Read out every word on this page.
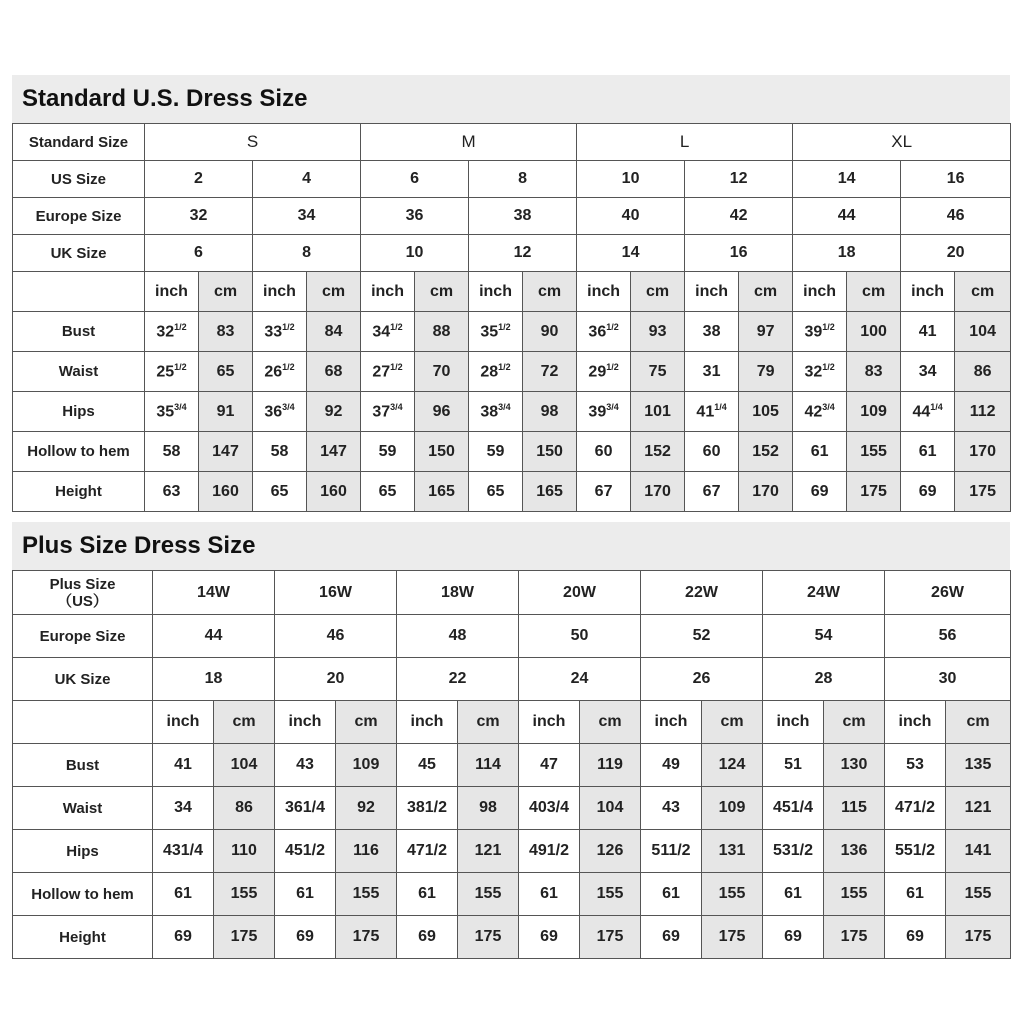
Standard U.S. Dress Size
Standard Size	S				M				L				XL			
US Size	2		4		6		8		10		12		14		16	
Europe Size	32		34		36		38		40		42		44		46	
UK Size	6		8		10		12		14		16		18		20	
	inch	cm	inch	cm	inch	cm	inch	cm	inch	cm	inch	cm	inch	cm	inch	cm
Bust	$32^{1/2}$	83	$33^{1/2}$	84	$34^{1/2}$	88	$35^{1/2}$	90	$36^{1/2}$	93	38	97	$39^{1/2}$	100	41	104
Waist	$25^{1/2}$	65	$26^{1/2}$	68	$27^{1/2}$	70	$28^{1/2}$	72	$29^{1/2}$	75	31	79	$32^{1/2}$	83	34	86
Hips	$35^{3/4}$	91	$36^{3/4}$	92	$37^{3/4}$	96	$38^{3/4}$	98	$39^{3/4}$	101	$41^{1/4}$	105	$42^{3/4}$	109	$44^{1/4}$	112
Hollow to hem	58	147	58	147	59	150	59	150	60	152	60	152	61	155	61	170
Height	63	160	65	160	65	165	65	165	67	170	67	170	69	175	69	175
Plus Size Dress Size
Plus Size
（US）	14W		16W		18W		20W		22W		24W		26W	
Europe Size	44		46		48		50		52		54		56	
UK Size	18		20		22		24		26		28		30	
	inch	cm	inch	cm	inch	cm	inch	cm	inch	cm	inch	cm	inch	cm
Bust	41	104	43	109	45	114	47	119	49	124	51	130	53	135
Waist	34	86	361/4	92	381/2	98	403/4	104	43	109	451/4	115	471/2	121
Hips	431/4	110	451/2	116	471/2	121	491/2	126	511/2	131	531/2	136	551/2	141
Hollow to hem	61	155	61	155	61	155	61	155	61	155	61	155	61	155
Height	69	175	69	175	69	175	69	175	69	175	69	175	69	175
